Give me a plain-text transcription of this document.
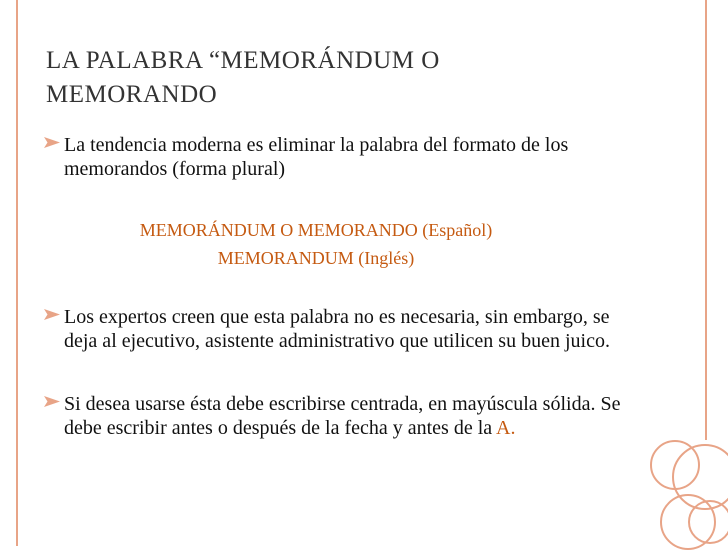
LA PALABRA “MEMORÁNDUM O
MEMORANDO
La tendencia moderna es eliminar la palabra del formato de los memorandos (forma plural)
MEMORÁNDUM O MEMORANDO (Español)
MEMORANDUM (Inglés)
Los expertos creen que esta palabra no es necesaria, sin embargo, se deja al ejecutivo, asistente administrativo que utilicen su buen juico.
Si desea usarse ésta debe escribirse centrada, en mayúscula sólida. Se debe escribir antes o después de la fecha y antes de la A.
